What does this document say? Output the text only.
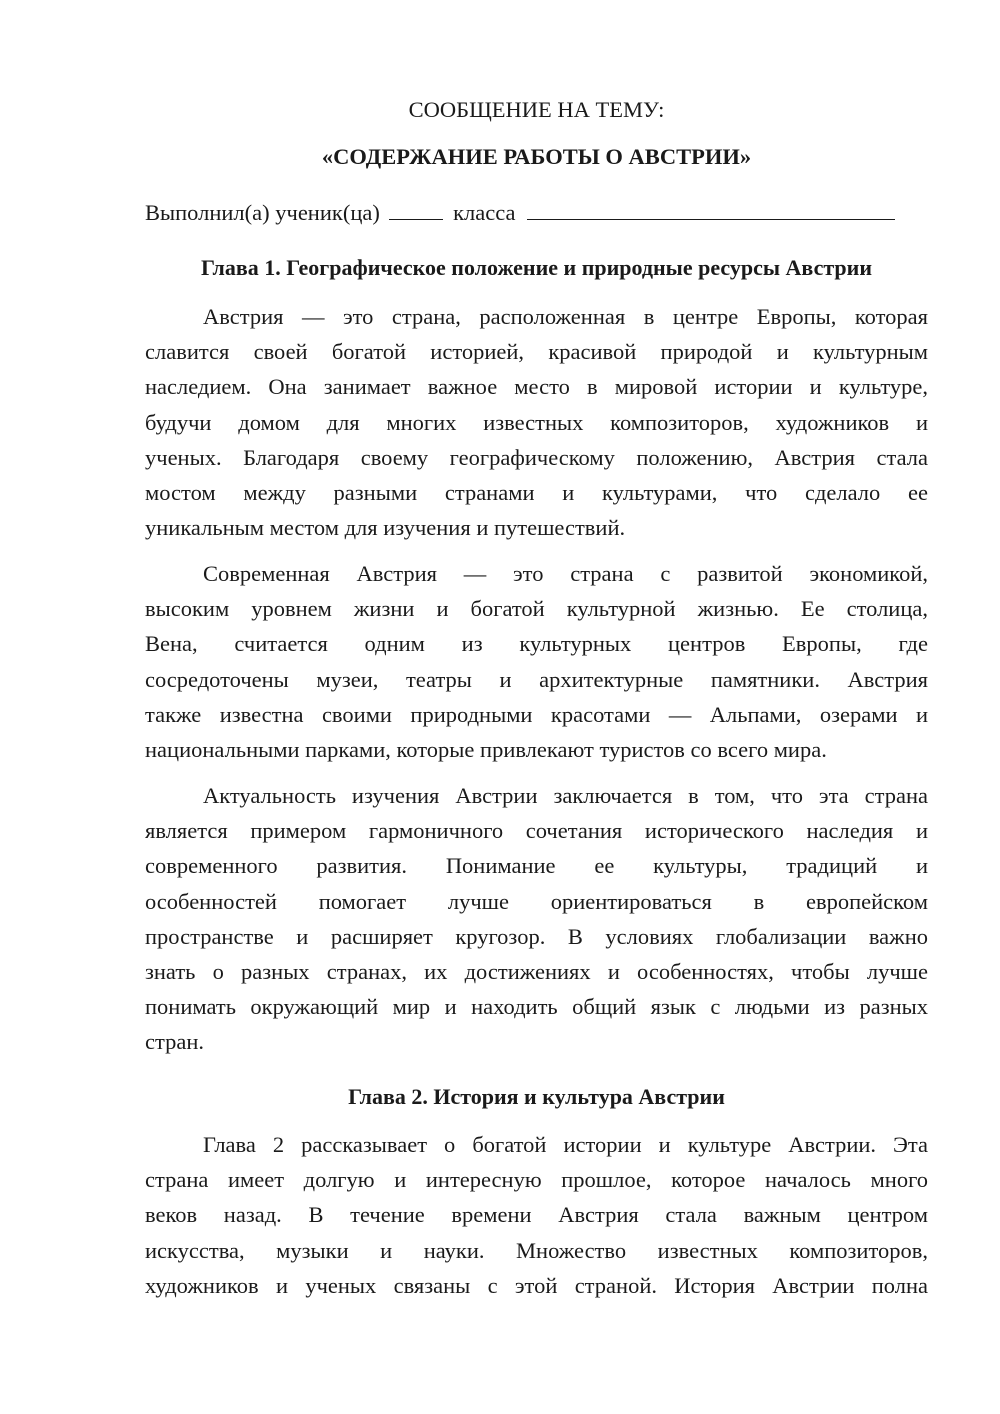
СООБЩЕНИЕ НА ТЕМУ:
«СОДЕРЖАНИЕ РАБОТЫ О АВСТРИИ»
Выполнил(а) ученик(ца)	класса
Глава 1. Географическое положение и природные ресурсы Австрии
Австрия — это страна, расположенная в центре Европы, которая
славится своей богатой историей, красивой природой и культурным
наследием. Она занимает важное место в мировой истории и культуре,
будучи домом для многих известных композиторов, художников и
ученых. Благодаря своему географическому положению, Австрия стала
мостом между разными странами и культурами, что сделало ее
уникальным местом для изучения и путешествий.
Современная Австрия — это страна с развитой экономикой,
высоким уровнем жизни и богатой культурной жизнью. Ее столица,
Вена, считается одним из культурных центров Европы, где
сосредоточены музеи, театры и архитектурные памятники. Австрия
также известна своими природными красотами — Альпами, озерами и
национальными парками, которые привлекают туристов со всего мира.
Актуальность изучения Австрии заключается в том, что эта страна
является примером гармоничного сочетания исторического наследия и
современного развития. Понимание ее культуры, традиций и
особенностей помогает лучше ориентироваться в европейском
пространстве и расширяет кругозор. В условиях глобализации важно
знать о разных странах, их достижениях и особенностях, чтобы лучше
понимать окружающий мир и находить общий язык с людьми из разных
стран.
Глава 2. История и культура Австрии
Глава 2 рассказывает о богатой истории и культуре Австрии. Эта
страна имеет долгую и интересную прошлое, которое началось много
веков назад. В течение времени Австрия стала важным центром
искусства, музыки и науки. Множество известных композиторов,
художников и ученых связаны с этой страной. История Австрии полна
